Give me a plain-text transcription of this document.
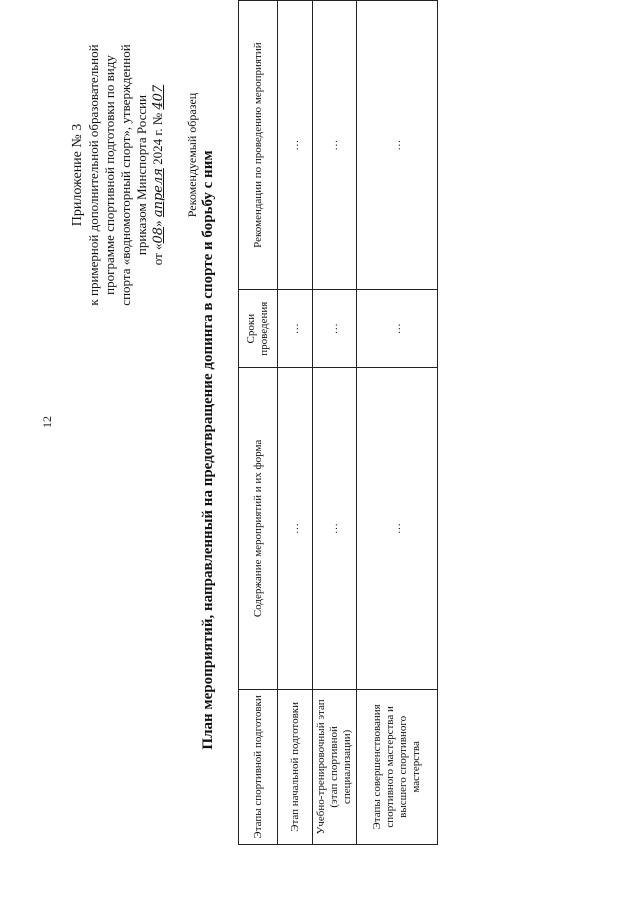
12
Приложение № 3 к примерной дополнительной образовательной программе спортивной подготовки по виду спорта «водномоторный спорт», утвержденной приказом Минспорта России от «08» апреля 2024 г. № 407 Рекомендуемый образец План мероприятий, направленный на предотвращение допинга в спорте и борьбу с ним
Этапы спортивной подготовки	Содержание мероприятий и их форма	Сроки проведения	Рекомендации по проведению мероприятий
Этап начальной подготовки	…	…	…
Учебно-тренировочный этап (этап спортивной специализации)	…	…	…
Этапы совершенствования спортивного мастерства и высшего спортивного мастерства	…	…	…
